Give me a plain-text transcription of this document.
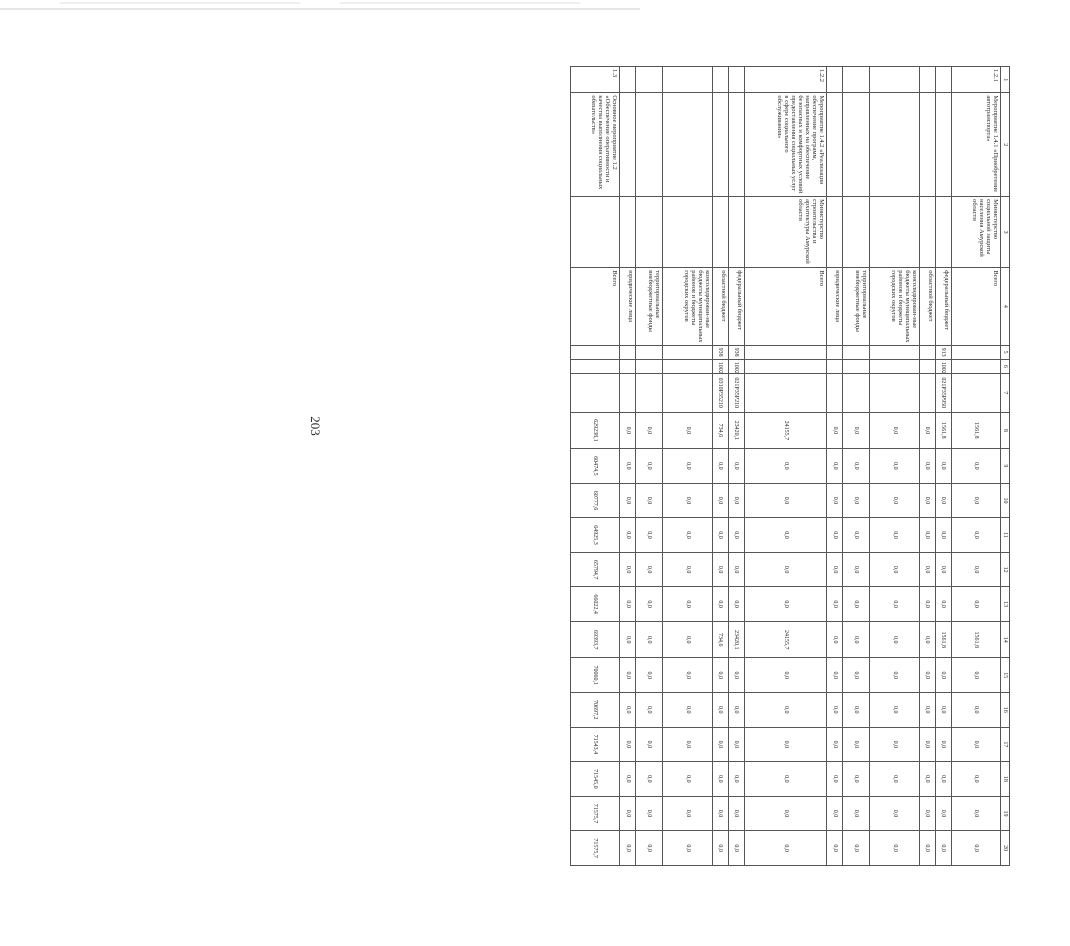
203
1	2	3	4	5	6	7	8	9	10	11	12	13	14	15	16	17	18	19	20
1.2.1	Мероприятие 1.4.1 «Приобретение автотранспорта»	Министерство социальной защиты населения Амурской области	Всего				1561,8	0,0	0,0	0,0	0,0	0,0	1561,8	0,0	0,0	0,0	0,0	0,0	0,0
			федеральный бюджет	913	1002	021P35Р950	1561,8	0,0	0,0	0,0	0,0	0,0	1561,8	0,0	0,0	0,0	0,0	0,0	0,0
			областной бюджет				0,0	0,0	0,0	0,0	0,0	0,0	0,0	0,0	0,0	0,0	0,0	0,0	0,0
			консолидирован-ные бюджеты муниципальных районов и бюджеты городских округов				0,0	0,0	0,0	0,0	0,0	0,0	0,0	0,0	0,0	0,0	0,0	0,0	0,0
			территориальные внебюджетные фонды				0,0	0,0	0,0	0,0	0,0	0,0	0,0	0,0	0,0	0,0	0,0	0,0	0,0
			юридические лица				0,0	0,0	0,0	0,0	0,0	0,0	0,0	0,0	0,0	0,0	0,0	0,0	0,0
1.2.2	Мероприятие 1.4.2 «Реализация обеспечение программ, направленных на обеспечение безопасных и комфортных условий предоставления социальных услуг в сфере социального обслуживания»	Министерство строительства и архитектуры Амурской области	Всего				24155,7	0,0	0,0	0,0	0,0	0,0	24155,7	0,0	0,0	0,0	0,0	0,0	0,0
			федеральный бюджет	938	1002	021P35Р210	23420,1	0,0	0,0	0,0	0,0	0,0	23420,1	0,0	0,0	0,0	0,0	0,0	0,0
			областной бюджет	938	1002	0310Р35210	734,6	0,0	0,0	0,0	0,0	0,0	734,6	0,0	0,0	0,0	0,0	0,0	0,0
			консолидирован-ные бюджеты муниципальных районов и бюджеты городских округов				0,0	0,0	0,0	0,0	0,0	0,0	0,0	0,0	0,0	0,0	0,0	0,0	0,0
			территориальные внебюджетные фонды				0,0	0,0	0,0	0,0	0,0	0,0	0,0	0,0	0,0	0,0	0,0	0,0	0,0
			юридические лица				0,0	0,0	0,0	0,0	0,0	0,0	0,0	0,0	0,0	0,0	0,0	0,0	0,0
1.3	Основное мероприятие 1.2 «Обеспечение оперативности и качества выполнения социальных обязательств»		Всего				629238,1	60474,5	60777,6	64925,3	65794,7	66022,4	69393,7	70060,1	70697,2	71543,4	71545,0	71575,7	71575,7
